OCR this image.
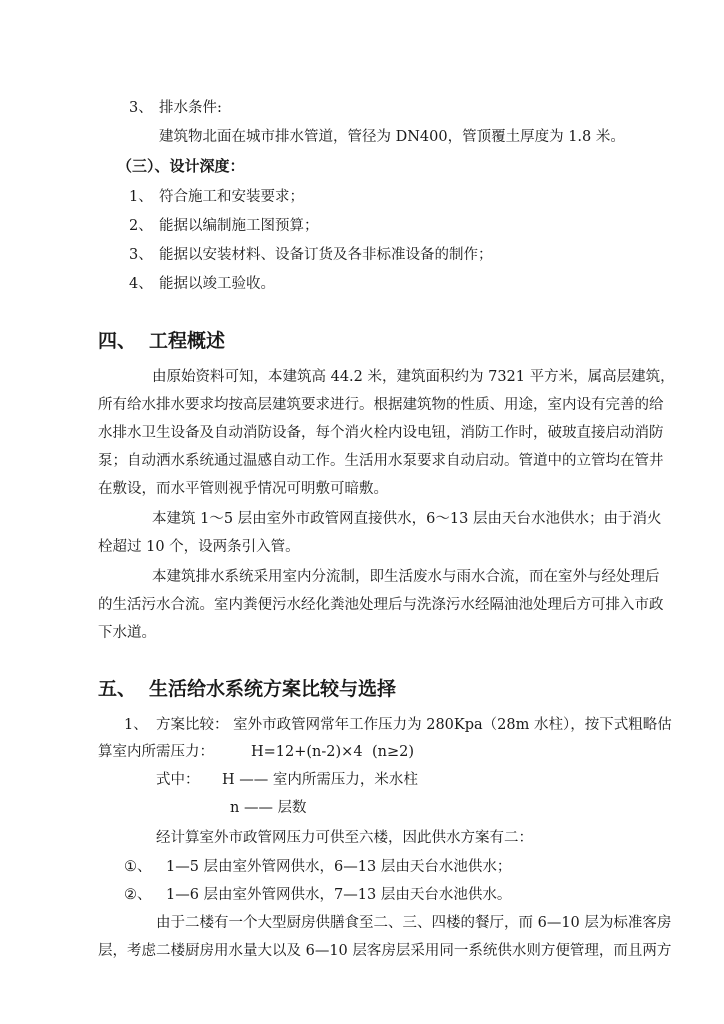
3、 排水条件:
建筑物北面在城市排水管道，管径为 DN400，管顶覆土厚度为 1.8 米。
（三）、设计深度：
1、 符合施工和安装要求；
2、 能据以编制施工图预算；
3、 能据以安装材料、设备订货及各非标准设备的制作；
4、 能据以竣工验收。
四、 工程概述
由原始资料可知，本建筑高 44.2 米，建筑面积约为 7321 平方米，属高层建筑，
所有给水排水要求均按高层建筑要求进行。根据建筑物的性质、用途，室内设有完善的给
水排水卫生设备及自动消防设备，每个消火栓内设电钮，消防工作时，破玻直接启动消防
泵；自动洒水系统通过温感自动工作。生活用水泵要求自动启动。管道中的立管均在管井
在敷设，而水平管则视乎情况可明敷可暗敷。
本建筑 1～5 层由室外市政管网直接供水，6～13 层由天台水池供水；由于消火
栓超过 10 个，设两条引入管。
本建筑排水系统采用室内分流制，即生活废水与雨水合流，而在室外与经处理后
的生活污水合流。室内粪便污水经化粪池处理后与洗涤污水经隔油池处理后方可排入市政
下水道。
五、 生活给水系统方案比较与选择
1、 方案比较： 室外市政管网常年工作压力为 280Kpa（28m 水柱），按下式粗略估
算室内所需压力：	H=12+(n-2)×4 (n≥2)
式中： H —— 室内所需压力，米水柱
n —— 层数
经计算室外市政管网压力可供至六楼，因此供水方案有二：
①、 1—5 层由室外管网供水，6—13 层由天台水池供水；
②、 1—6 层由室外管网供水，7—13 层由天台水池供水。
由于二楼有一个大型厨房供膳食至二、三、四楼的餐厅，而 6—10 层为标准客房
层，考虑二楼厨房用水量大以及 6—10 层客房层采用同一系统供水则方便管理，而且两方
